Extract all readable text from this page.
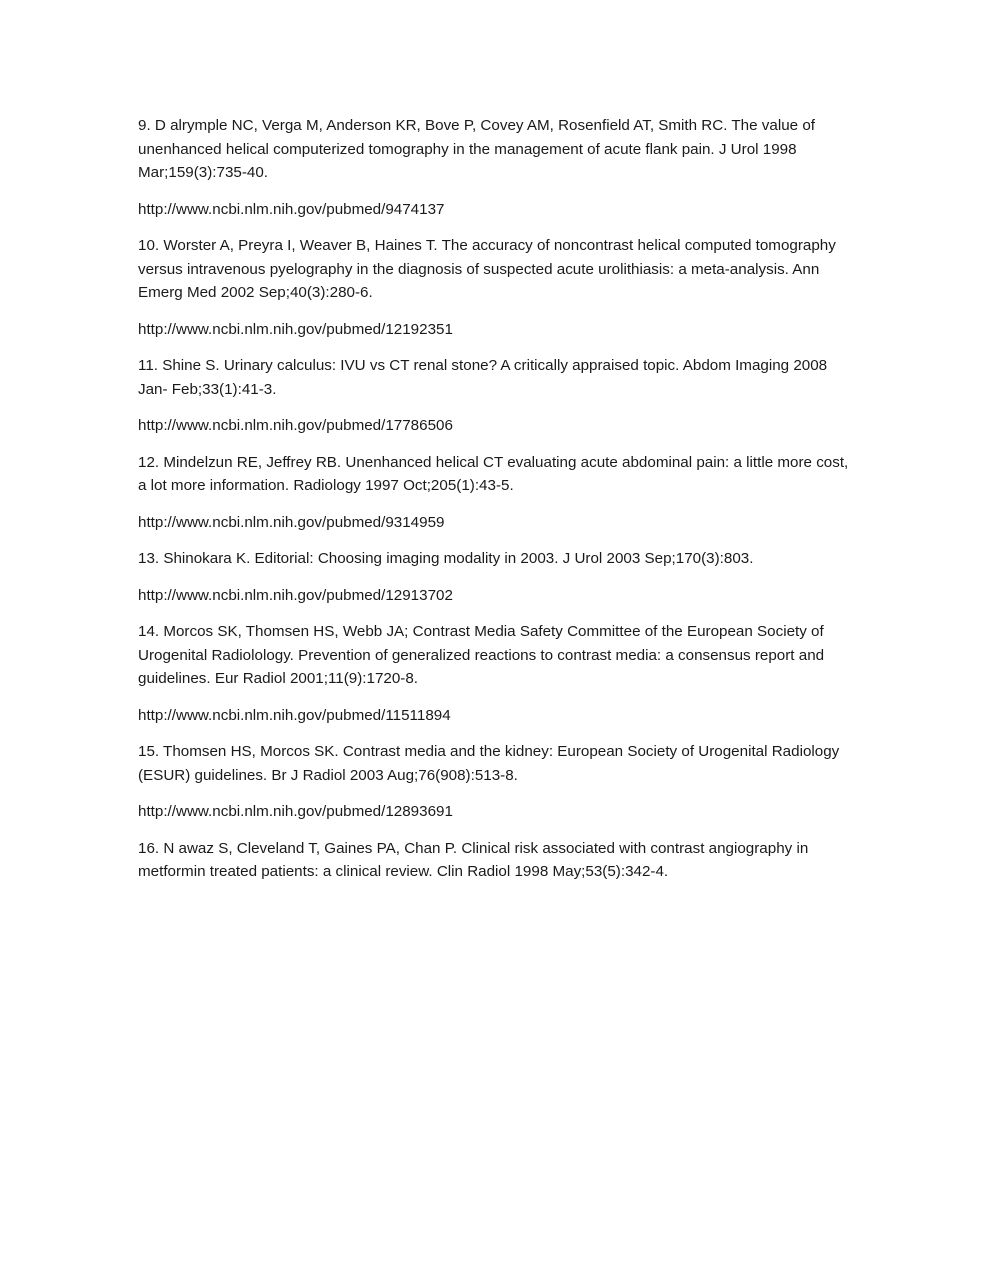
9. D alrymple NC, Verga M, Anderson KR, Bove P, Covey AM, Rosenfield AT, Smith RC. The value of unenhanced helical computerized tomography in the management of acute flank pain. J Urol 1998 Mar;159(3):735-40.

http://www.ncbi.nlm.nih.gov/pubmed/9474137

10. Worster A, Preyra I, Weaver B, Haines T. The accuracy of noncontrast helical computed tomography versus intravenous pyelography in the diagnosis of suspected acute urolithiasis: a meta-analysis. Ann Emerg Med 2002 Sep;40(3):280-6.

http://www.ncbi.nlm.nih.gov/pubmed/12192351

11. Shine S. Urinary calculus: IVU vs CT renal stone? A critically appraised topic. Abdom Imaging 2008 Jan- Feb;33(1):41-3.

http://www.ncbi.nlm.nih.gov/pubmed/17786506

12. Mindelzun RE, Jeffrey RB. Unenhanced helical CT evaluating acute abdominal pain: a little more cost, a lot more information. Radiology 1997 Oct;205(1):43-5.

http://www.ncbi.nlm.nih.gov/pubmed/9314959

13. Shinokara K. Editorial: Choosing imaging modality in 2003. J Urol 2003 Sep;170(3):803.

http://www.ncbi.nlm.nih.gov/pubmed/12913702

14. Morcos SK, Thomsen HS, Webb JA; Contrast Media Safety Committee of the European Society of Urogenital Radiolology. Prevention of generalized reactions to contrast media: a consensus report and guidelines. Eur Radiol 2001;11(9):1720-8.

http://www.ncbi.nlm.nih.gov/pubmed/11511894

15. Thomsen HS, Morcos SK. Contrast media and the kidney: European Society of Urogenital Radiology (ESUR) guidelines. Br J Radiol 2003 Aug;76(908):513-8.

http://www.ncbi.nlm.nih.gov/pubmed/12893691

16. N awaz S, Cleveland T, Gaines PA, Chan P. Clinical risk associated with contrast angiography in metformin treated patients: a clinical review. Clin Radiol 1998 May;53(5):342-4.
